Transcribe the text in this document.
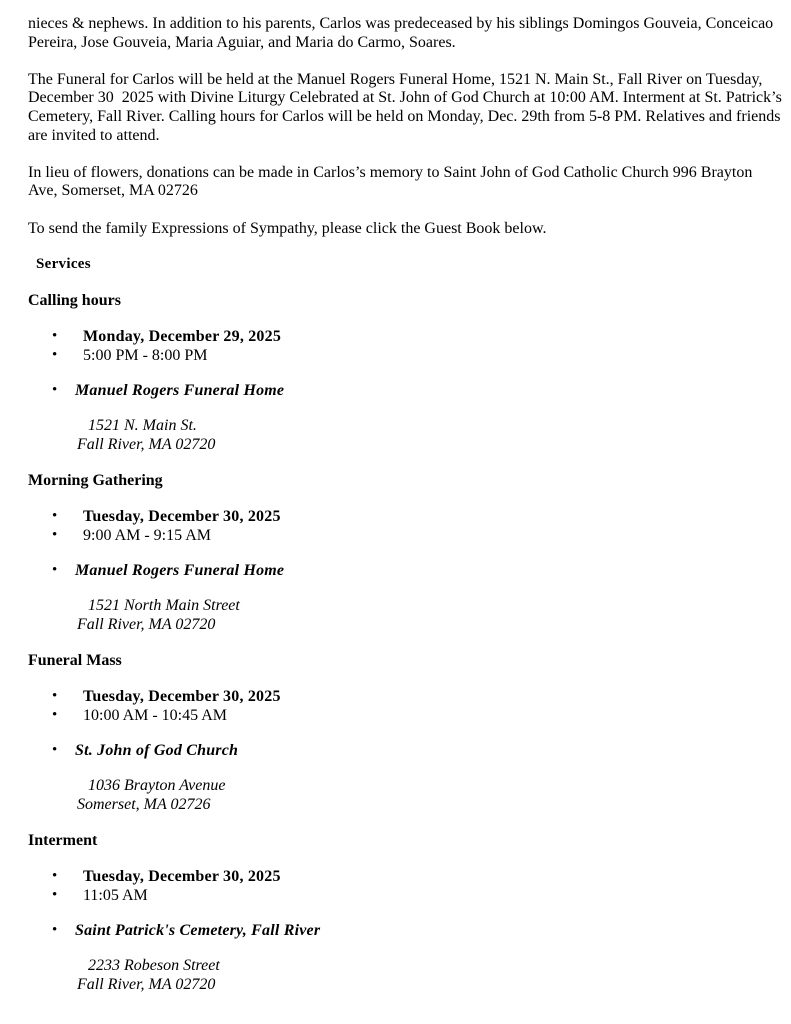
nieces & nephews. In addition to his parents, Carlos was predeceased by his siblings Domingos Gouveia, Conceicao
Pereira, Jose Gouveia, Maria Aguiar, and Maria do Carmo, Soares.
The Funeral for Carlos will be held at the Manuel Rogers Funeral Home, 1521 N. Main St., Fall River on Tuesday,
December 30  2025 with Divine Liturgy Celebrated at St. John of God Church at 10:00 AM. Interment at St. Patrick’s
Cemetery, Fall River. Calling hours for Carlos will be held on Monday, Dec. 29th from 5-8 PM. Relatives and friends
are invited to attend.
In lieu of flowers, donations can be made in Carlos’s memory to Saint John of God Catholic Church 996 Brayton
Ave, Somerset, MA 02726
To send the family Expressions of Sympathy, please click the Guest Book below.
Services
Calling hours
• Monday, December 29, 2025
• 5:00 PM - 8:00 PM
• Manuel Rogers Funeral Home
1521 N. Main St.
Fall River, MA 02720
Morning Gathering
• Tuesday, December 30, 2025
• 9:00 AM - 9:15 AM
• Manuel Rogers Funeral Home
1521 North Main Street
Fall River, MA 02720
Funeral Mass
• Tuesday, December 30, 2025
• 10:00 AM - 10:45 AM
• St. John of God Church
1036 Brayton Avenue
Somerset, MA 02726
Interment
• Tuesday, December 30, 2025
• 11:05 AM
• Saint Patrick's Cemetery, Fall River
2233 Robeson Street
Fall River, MA 02720
